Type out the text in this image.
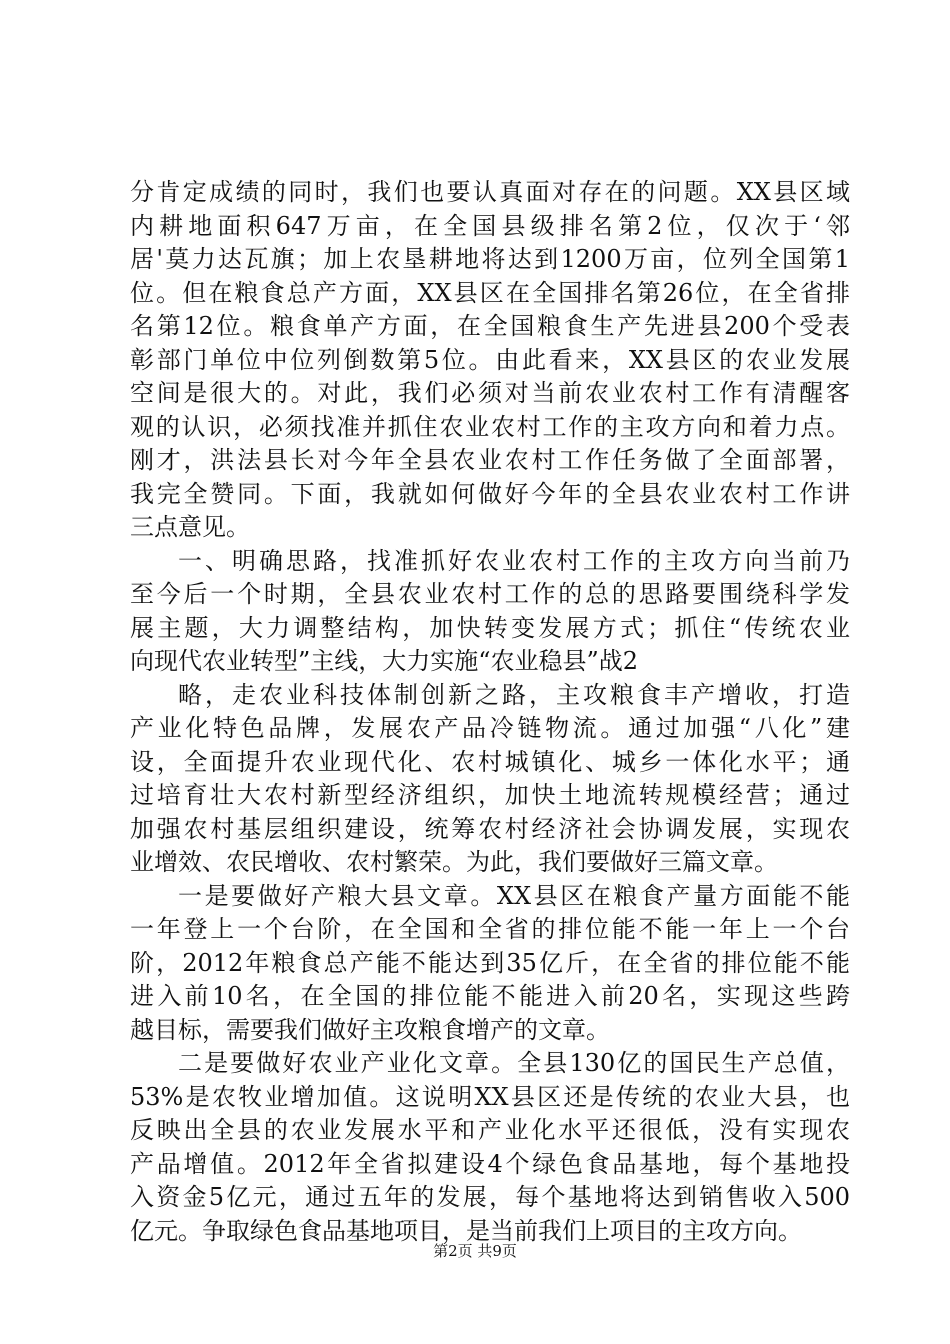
分肯定成绩的同时，我们也要认真面对存在的问题。XX县区域
内耕地面积647万亩，在全国县级排名第2位，仅次于‘邻
居'莫力达瓦旗；加上农垦耕地将达到1200万亩，位列全国第1
位。但在粮食总产方面，XX县区在全国排名第26位，在全省排
名第12位。粮食单产方面，在全国粮食生产先进县200个受表
彰部门单位中位列倒数第5位。由此看来，XX县区的农业发展
空间是很大的。对此，我们必须对当前农业农村工作有清醒客
观的认识，必须找准并抓住农业农村工作的主攻方向和着力点。
刚才，洪法县长对今年全县农业农村工作任务做了全面部署，
我完全赞同。下面，我就如何做好今年的全县农业农村工作讲
三点意见。
一、明确思路，找准抓好农业农村工作的主攻方向当前乃
至今后一个时期，全县农业农村工作的总的思路要围绕科学发
展主题，大力调整结构，加快转变发展方式；抓住“传统农业
向现代农业转型”主线，大力实施“农业稳县”战2
略，走农业科技体制创新之路，主攻粮食丰产增收，打造
产业化特色品牌，发展农产品冷链物流。通过加强“八化”建
设，全面提升农业现代化、农村城镇化、城乡一体化水平；通
过培育壮大农村新型经济组织，加快土地流转规模经营；通过
加强农村基层组织建设，统筹农村经济社会协调发展，实现农
业增效、农民增收、农村繁荣。为此，我们要做好三篇文章。
一是要做好产粮大县文章。XX县区在粮食产量方面能不能
一年登上一个台阶，在全国和全省的排位能不能一年上一个台
阶，2012年粮食总产能不能达到35亿斤，在全省的排位能不能
进入前10名，在全国的排位能不能进入前20名，实现这些跨
越目标，需要我们做好主攻粮食增产的文章。
二是要做好农业产业化文章。全县130亿的国民生产总值，
53%是农牧业增加值。这说明XX县区还是传统的农业大县，也
反映出全县的农业发展水平和产业化水平还很低，没有实现农
产品增值。2012年全省拟建设4个绿色食品基地，每个基地投
入资金5亿元，通过五年的发展，每个基地将达到销售收入500
亿元。争取绿色食品基地项目，是当前我们上项目的主攻方向。
第2页 共9页
